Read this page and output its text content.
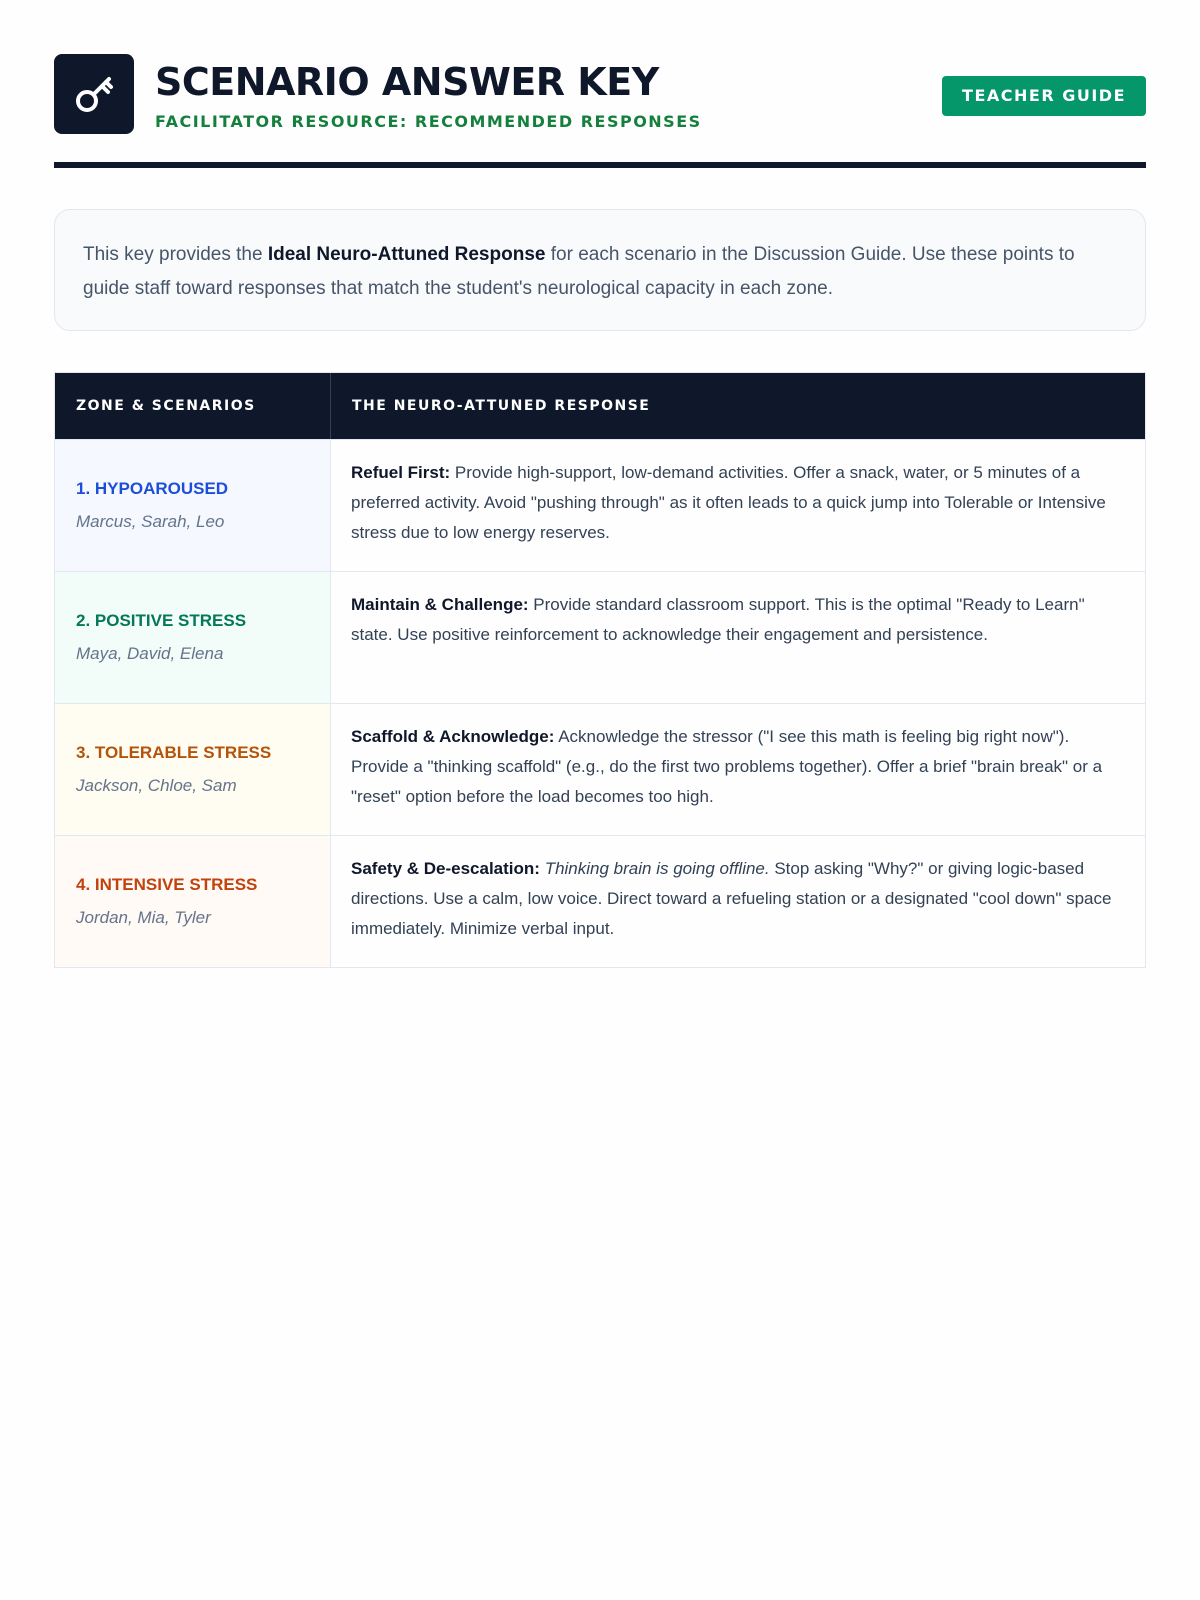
SCENARIO ANSWER KEY
FACILITATOR RESOURCE: RECOMMENDED RESPONSES
TEACHER GUIDE
This key provides the Ideal Neuro-Attuned Response for each scenario in the Discussion Guide. Use these points to guide staff toward responses that match the student's neurological capacity in each zone.
ZONE & SCENARIOS	THE NEURO-ATTUNED RESPONSE
1. HYPOAROUSED
Marcus, Sarah, Leo
Refuel First: Provide high-support, low-demand activities. Offer a snack, water, or 5 minutes of a preferred activity. Avoid "pushing through" as it often leads to a quick jump into Tolerable or Intensive stress due to low energy reserves.
2. POSITIVE STRESS
Maya, David, Elena
Maintain & Challenge: Provide standard classroom support. This is the optimal "Ready to Learn" state. Use positive reinforcement to acknowledge their engagement and persistence.
3. TOLERABLE STRESS
Jackson, Chloe, Sam
Scaffold & Acknowledge: Acknowledge the stressor ("I see this math is feeling big right now"). Provide a "thinking scaffold" (e.g., do the first two problems together). Offer a brief "brain break" or a "reset" option before the load becomes too high.
4. INTENSIVE STRESS
Jordan, Mia, Tyler
Safety & De-escalation: Thinking brain is going offline. Stop asking "Why?" or giving logic-based directions. Use a calm, low voice. Direct toward a refueling station or a designated "cool down" space immediately. Minimize verbal input.
